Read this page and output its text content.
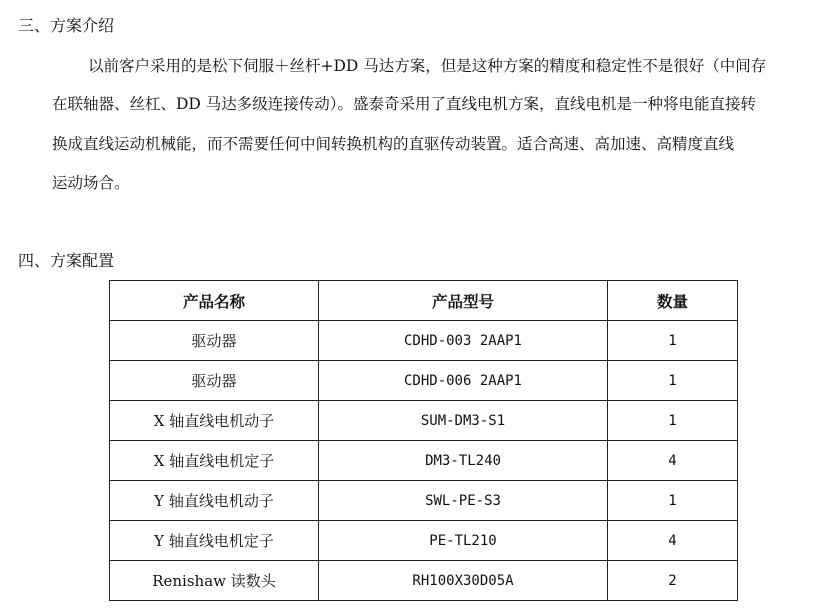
三、方案介绍

以前客户采用的是松下伺服＋丝杆+DD 马达方案，但是这种方案的精度和稳定性不是很好（中间存

在联轴器、丝杠、DD 马达多级连接传动）。盛泰奇采用了直线电机方案，直线电机是一种将电能直接转

换成直线运动机械能，而不需要任何中间转换机构的直驱传动装置。适合高速、高加速、高精度直线

运动场合。

四、方案配置
产品名称	产品型号	数量
驱动器	CDHD-003 2AAP1	1
驱动器	CDHD-006 2AAP1	1
X 轴直线电机动子	SUM-DM3-S1	1
X 轴直线电机定子	DM3-TL240	4
Y 轴直线电机动子	SWL-PE-S3	1
Y 轴直线电机定子	PE-TL210	4
Renishaw 读数头	RH100X30D05A	2
